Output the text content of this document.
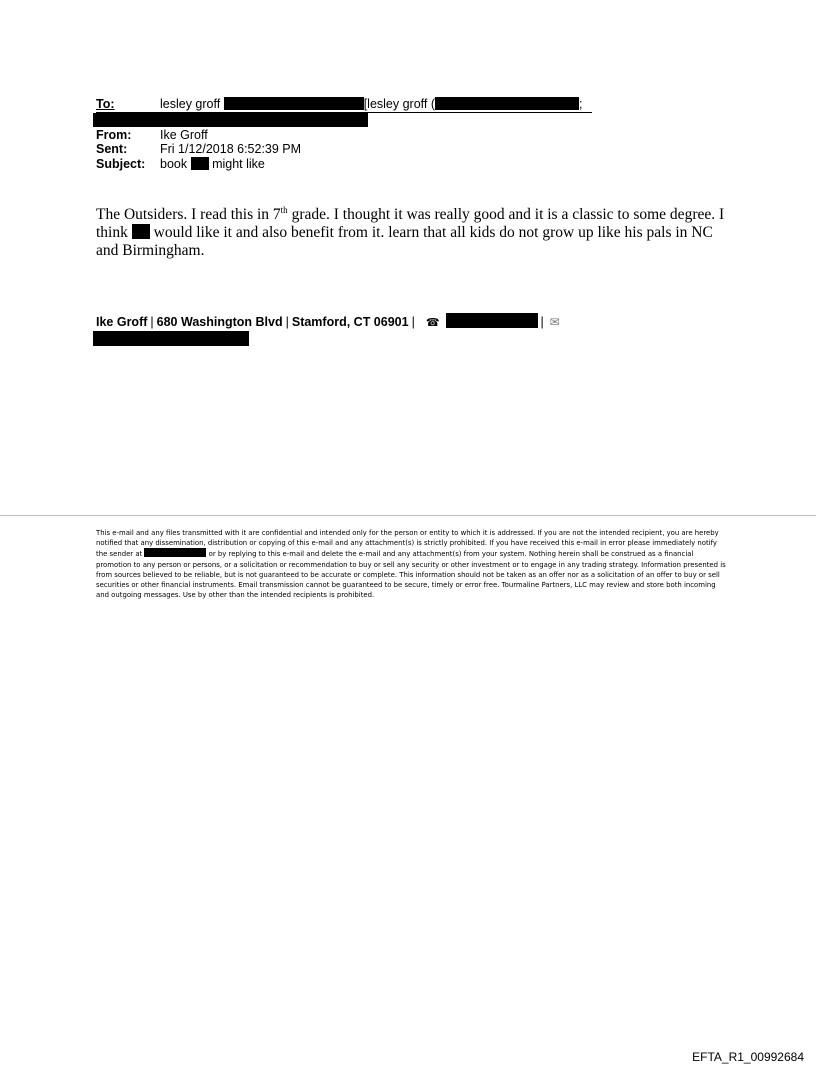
To:	lesley groff	[lesley groff (	;
From: Ike Groff
Sent:	Fri 1/12/2018 6:52:39 PM
Subject: book might like
The Outsiders. I read this in 7th grade. I thought it was really good and it is a classic to some degree. I think  would like it and also benefit from it. learn that all kids do not grow up like his pals in NC and Birmingham.
Ike Groff | 680 Washington Blvd | Stamford, CT 06901 | ☎	| ✉
This e-mail and any files transmitted with it are confidential and intended only for the person or entity to which it is addressed. If you are not the intended recipient, you are hereby notified that any dissemination, distribution or copying of this e-mail and any attachment(s) is strictly prohibited. If you have received this e-mail in error please immediately notify the sender at	or by replying to this e-mail and delete the e-mail and any attachment(s) from your system. Nothing herein shall be construed as a financial promotion to any person or persons, or a solicitation or recommendation to buy or sell any security or other investment or to engage in any trading strategy. Information presented is from sources believed to be reliable, but is not guaranteed to be accurate or complete. This information should not be taken as an offer nor as a solicitation of an offer to buy or sell securities or other financial instruments. Email transmission cannot be guaranteed to be secure, timely or error free. Tourmaline Partners, LLC may review and store both incoming and outgoing messages. Use by other than the intended recipients is prohibited.
EFTA_R1_00992684
